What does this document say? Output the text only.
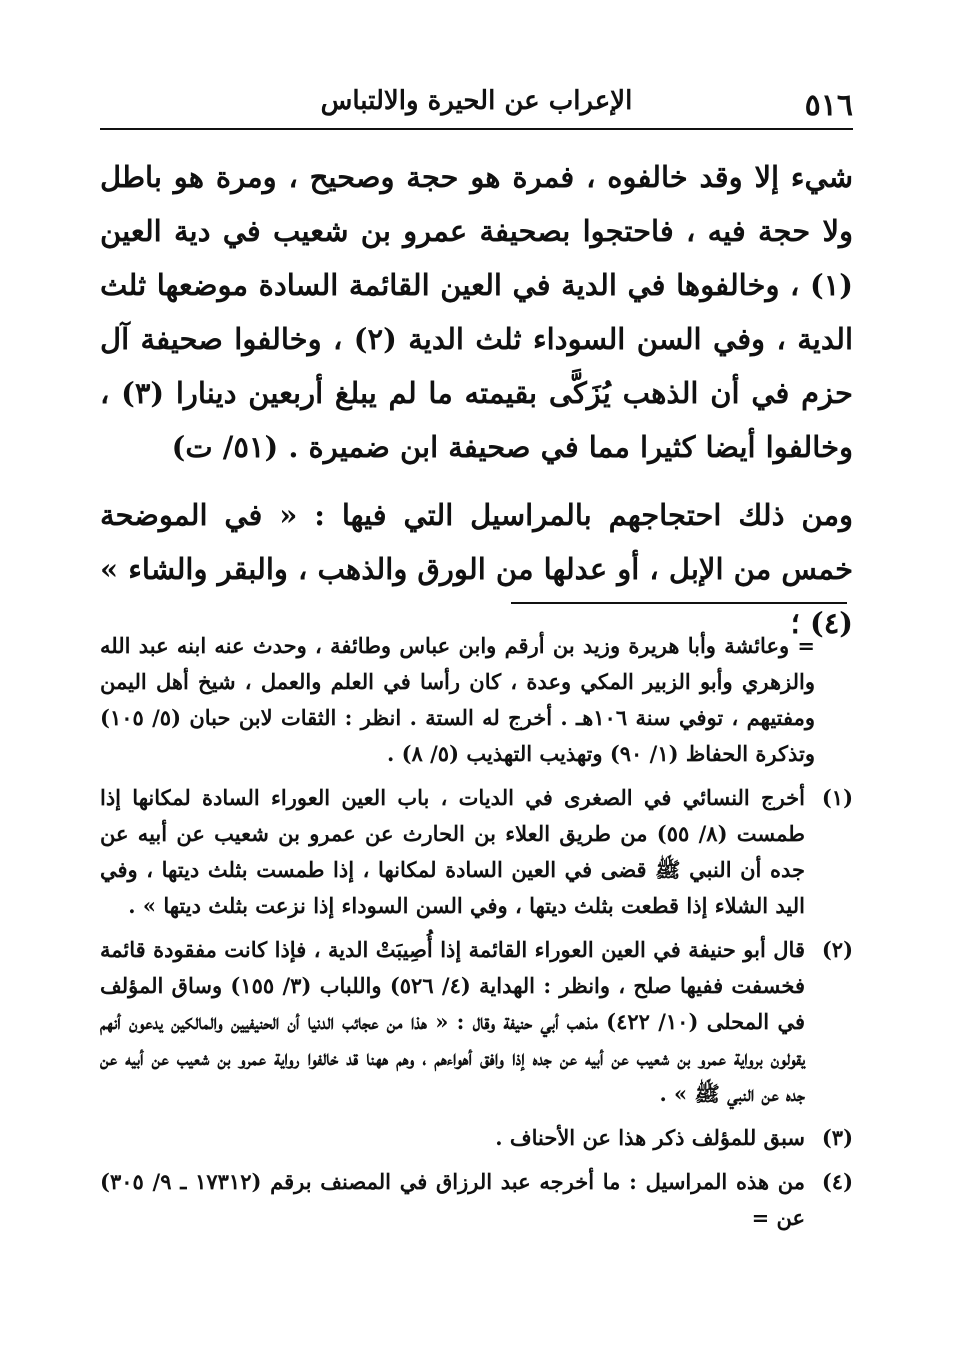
٥١٦
الإعراب عن الحيرة والالتباس

شيء إلا وقد خالفوه ، فمرة هو حجة وصحيح ، ومرة هو باطل ولا حجة فيه ، فاحتجوا بصحيفة عمرو بن شعيب في دية العين (١) ، وخالفوها في الدية في العين القائمة السادة موضعها ثلث الدية ، وفي السن السوداء ثلث الدية (٢) ، وخالفوا صحيفة آل حزم في أن الذهب يُزَكَّى بقيمته ما لم يبلغ أربعين دينارا (٣) ، وخالفوا أيضا كثيرا مما في صحيفة ابن ضميرة . (٥١/ ت)

ومن ذلك احتجاجهم بالمراسيل التي فيها : « في الموضحة خمس من الإبل ، أو عدلها من الورق والذهب ، والبقر والشاء » (٤) ؛

= وعائشة وأبا هريرة وزيد بن أرقم وابن عباس وطائفة ، وحدث عنه ابنه عبد الله والزهري وأبو الزبير المكي وعدة ، كان رأسا في العلم والعمل ، شيخ أهل اليمن ومفتيهم ، توفي سنة ١٠٦هـ . أخرج له الستة . انظر : الثقات لابن حبان (٥/ ١٠٥) وتذكرة الحفاظ (١/ ٩٠) وتهذيب التهذيب (٥/ ٨) .
(١)
أخرج النسائي في الصغرى في الديات ، باب العين العوراء السادة لمكانها إذا طمست (٨/ ٥٥) من طريق العلاء بن الحارث عن عمرو بن شعيب عن أبيه عن جده أن النبي ﷺ قضى في العين السادة لمكانها ، إذا طمست بثلث ديتها ، وفي اليد الشلاء إذا قطعت بثلث ديتها ، وفي السن السوداء إذا نزعت بثلث ديتها » .
(٢)
قال أبو حنيفة في العين العوراء القائمة إذا أُصِيبَتْ الدية ، فإذا كانت مفقودة قائمة فخسفت ففيها صلح ، وانظر : الهداية (٤/ ٥٢٦) واللباب (٣/ ١٥٥) وساق المؤلف في المحلى (١٠/ ٤٢٢) مذهب أبي حنيفة وقال : « هذا من عجائب الدنيا أن الحنيفيين والمالكين يدعون أنهم يقولون برواية عمرو بن شعيب عن أبيه عن جده إذا وافق أهواءهم ، وهم ههنا قد خالفوا رواية عمرو بن شعيب عن أبيه عن جده عن النبي ﷺ » .
(٣)
سبق للمؤلف ذكر هذا عن الأحناف .
(٤)
من هذه المراسيل : ما أخرجه عبد الرزاق في المصنف برقم (١٧٣١٢ ـ ٩/ ٣٠٥) عن =
